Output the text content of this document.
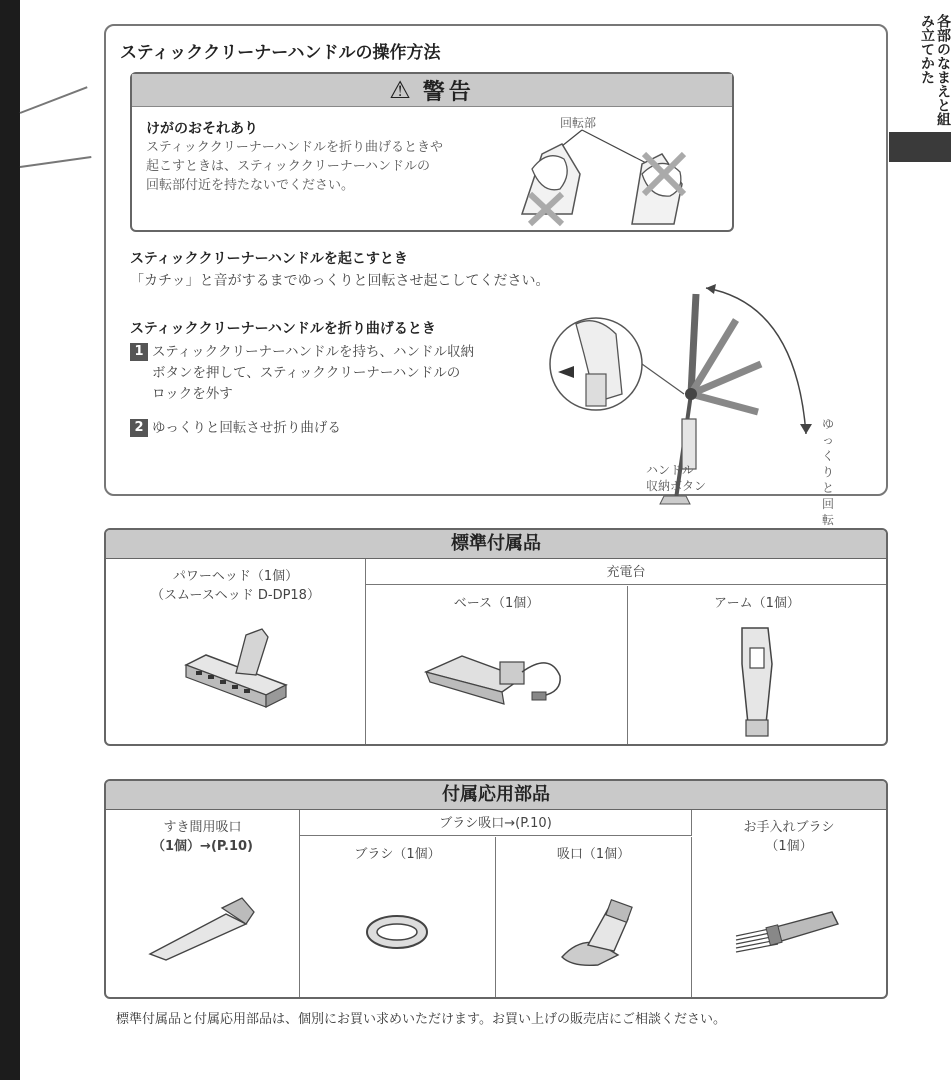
各部のなまえと組み立てかた
スティッククリーナーハンドルの操作方法
⚠ 警告
けがのおそれあり
スティッククリーナーハンドルを折り曲げるときや
起こすときは、スティッククリーナーハンドルの
回転部付近を持たないでください。
回転部
スティッククリーナーハンドルを起こすとき
「カチッ」と音がするまでゆっくりと回転させ起こしてください。
スティッククリーナーハンドルを折り曲げるとき
1 スティッククリーナーハンドルを持ち、ハンドル収納
ボタンを押して、スティッククリーナーハンドルの
ロックを外す
2 ゆっくりと回転させ折り曲げる
ハンドル
収納ボタン
ゆっくりと
回転
標準付属品
パワーヘッド（1個）
（スムースヘッド D-DP18）
充電台
ベース（1個）	アーム（1個）
付属応用部品
すき間用吸口
（1個）→(P.10)
ブラシ吸口→(P.10)
ブラシ（1個）	吸口（1個）
お手入れブラシ
（1個）
標準付属品と付属応用部品は、個別にお買い求めいただけます。お買い上げの販売店にご相談ください。
